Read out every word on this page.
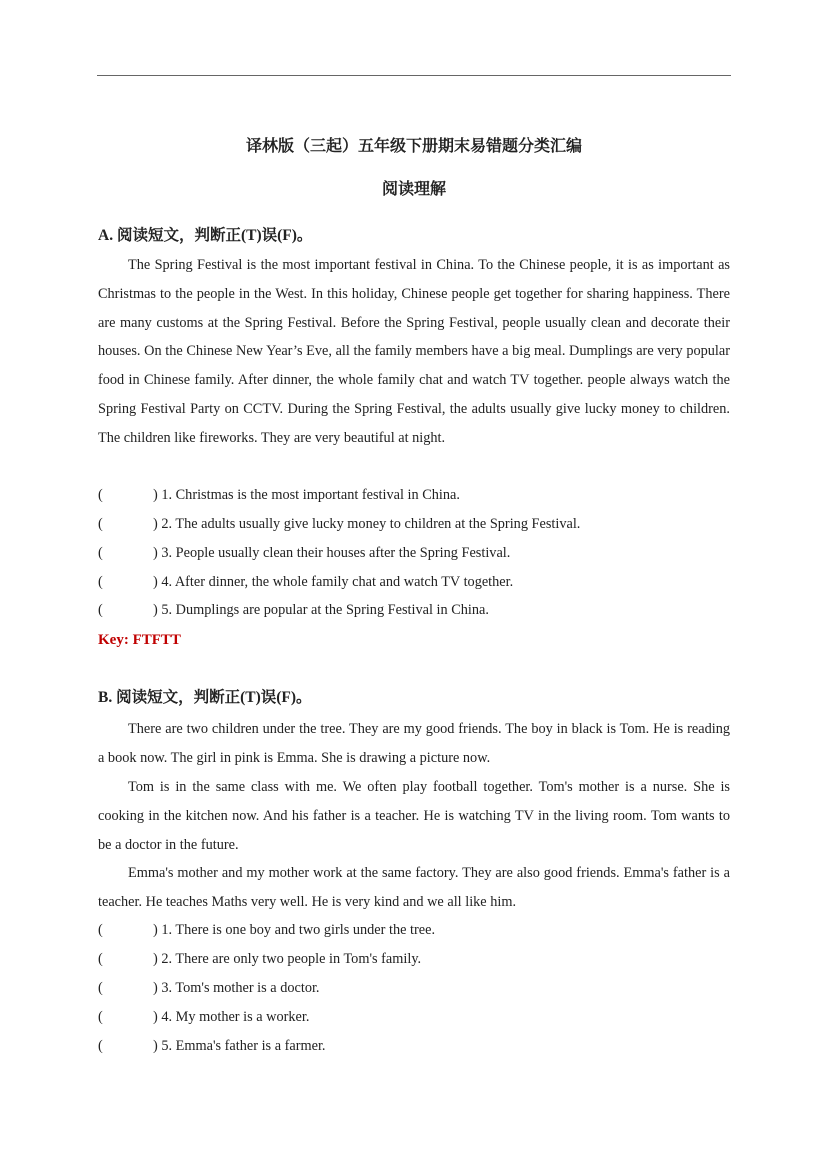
译林版（三起）五年级下册期末易错题分类汇编
阅读理解
A. 阅读短文，判断正(T)误(F)。

The Spring Festival is the most important festival in China. To the Chinese people, it is as important as Christmas to the people in the West. In this holiday, Chinese people get together for sharing happiness. There are many customs at the Spring Festival. Before the Spring Festival, people usually clean and decorate their houses. On the Chinese New Year’s Eve, all the family members have a big meal. Dumplings are very popular food in Chinese family. After dinner, the whole family chat and watch TV together. people always watch the Spring Festival Party on CCTV. During the Spring Festival, the adults usually give lucky money to children. The children like fireworks. They are very beautiful at night.

(	) 1. Christmas is the most important festival in China.
(	) 2. The adults usually give lucky money to children at the Spring Festival.
(	) 3. People usually clean their houses after the Spring Festival.
(	) 4. After dinner, the whole family chat and watch TV together.
(	) 5. Dumplings are popular at the Spring Festival in China.
Key: FTFTT
B. 阅读短文，判断正(T)误(F)。

There are two children under the tree. They are my good friends. The boy in black is Tom. He is reading a book now. The girl in pink is Emma. She is drawing a picture now.

Tom is in the same class with me. We often play football together. Tom's mother is a nurse. She is cooking in the kitchen now. And his father is a teacher. He is watching TV in the living room. Tom wants to be a doctor in the future.

Emma's mother and my mother work at the same factory. They are also good friends. Emma's father is a teacher. He teaches Maths very well. He is very kind and we all like him.

(	) 1. There is one boy and two girls under the tree.
(	) 2. There are only two people in Tom's family.
(	) 3. Tom's mother is a doctor.
(	) 4. My mother is a worker.
(	) 5. Emma's father is a farmer.
